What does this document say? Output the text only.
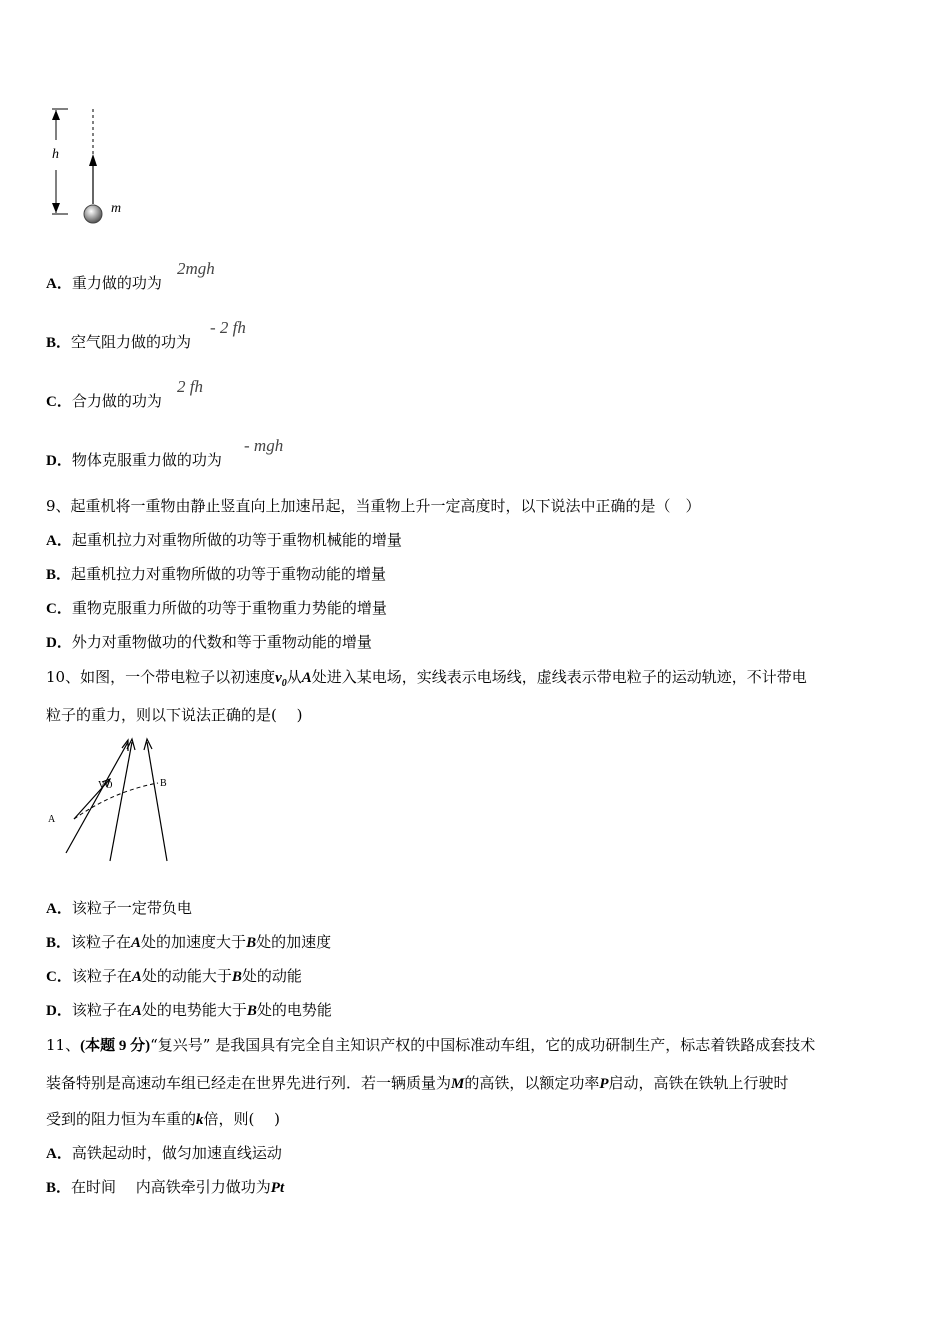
h
m
A．重力做的功为
2mgh
B．空气阻力做的功为
- 2 fh
C．合力做的功为
2 fh
D．物体克服重力做的功为
- mgh
9、起重机将一重物由静止竖直向上加速吊起，当重物上升一定高度时，以下说法中正确的是（　）
A．起重机拉力对重物所做的功等于重物机械能的增量
B．起重机拉力对重物所做的功等于重物动能的增量
C．重物克服重力所做的功等于重物重力势能的增量
D．外力对重物做功的代数和等于重物动能的增量
10、如图，一个带电粒子以初速度$v_0$从A处进入某电场，实线表示电场线，虚线表示带电粒子的运动轨迹，不计带电
粒子的重力，则以下说法正确的是(　 )
A
B
VO
A．该粒子一定带负电
B．该粒子在A处的加速度大于B处的加速度
C．该粒子在A处的动能大于B处的动能
D．该粒子在A处的电势能大于B处的电势能
11、(本题 9 分)“复兴号” 是我国具有完全自主知识产权的中国标准动车组，它的成功研制生产，标志着铁路成套技术
装备特别是高速动车组已经走在世界先进行列．若一辆质量为M的高铁，以额定功率P启动，高铁在铁轨上行驶时
受到的阻力恒为车重的k倍，则(　 )
A．高铁起动时，做匀加速直线运动
B．在时间　 内高铁牵引力做功为Pt
